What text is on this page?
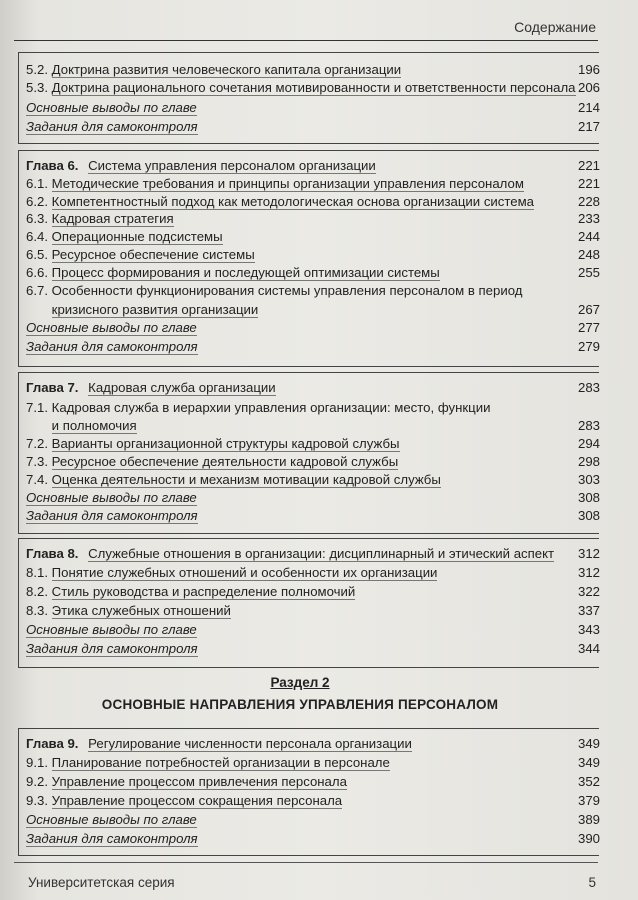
Содержание
5.2. Доктрина развития человеческого капитала организации	196
5.3. Доктрина рационального сочетания мотивированности и ответственности персонала 206
Основные выводы по главе	214
Задания для самоконтроля	217
Глава 6. Система управления персоналом организации	221
6.1. Методические требования и принципы организации управления персоналом	221
6.2. Компетентностный подход как методологическая основа организации система	228
6.3. Кадровая стратегия	233
6.4. Операционные подсистемы	244
6.5. Ресурсное обеспечение системы	248
6.6. Процесс формирования и последующей оптимизации системы	255
6.7. Особенности функционирования системы управления персоналом в период
кризисного развития организации	267
Основные выводы по главе	277
Задания для самоконтроля	279
Глава 7. Кадровая служба организации	283
7.1. Кадровая служба в иерархии управления организации: место, функции
и полномочия	283
7.2. Варианты организационной структуры кадровой службы	294
7.3. Ресурсное обеспечение деятельности кадровой службы	298
7.4. Оценка деятельности и механизм мотивации кадровой службы	303
Основные выводы по главе	308
Задания для самоконтроля	308
Глава 8. Служебные отношения в организации: дисциплинарный и этический аспект 312
8.1. Понятие служебных отношений и особенности их организации	312
8.2. Стиль руководства и распределение полномочий	322
8.3. Этика служебных отношений	337
Основные выводы по главе	343
Задания для самоконтроля	344
Раздел 2
ОСНОВНЫЕ НАПРАВЛЕНИЯ УПРАВЛЕНИЯ ПЕРСОНАЛОМ
Глава 9. Регулирование численности персонала организации	349
9.1. Планирование потребностей организации в персонале	349
9.2. Управление процессом привлечения персонала	352
9.3. Управление процессом сокращения персонала	379
Основные выводы по главе	389
Задания для самоконтроля	390
Университетская серия	5
